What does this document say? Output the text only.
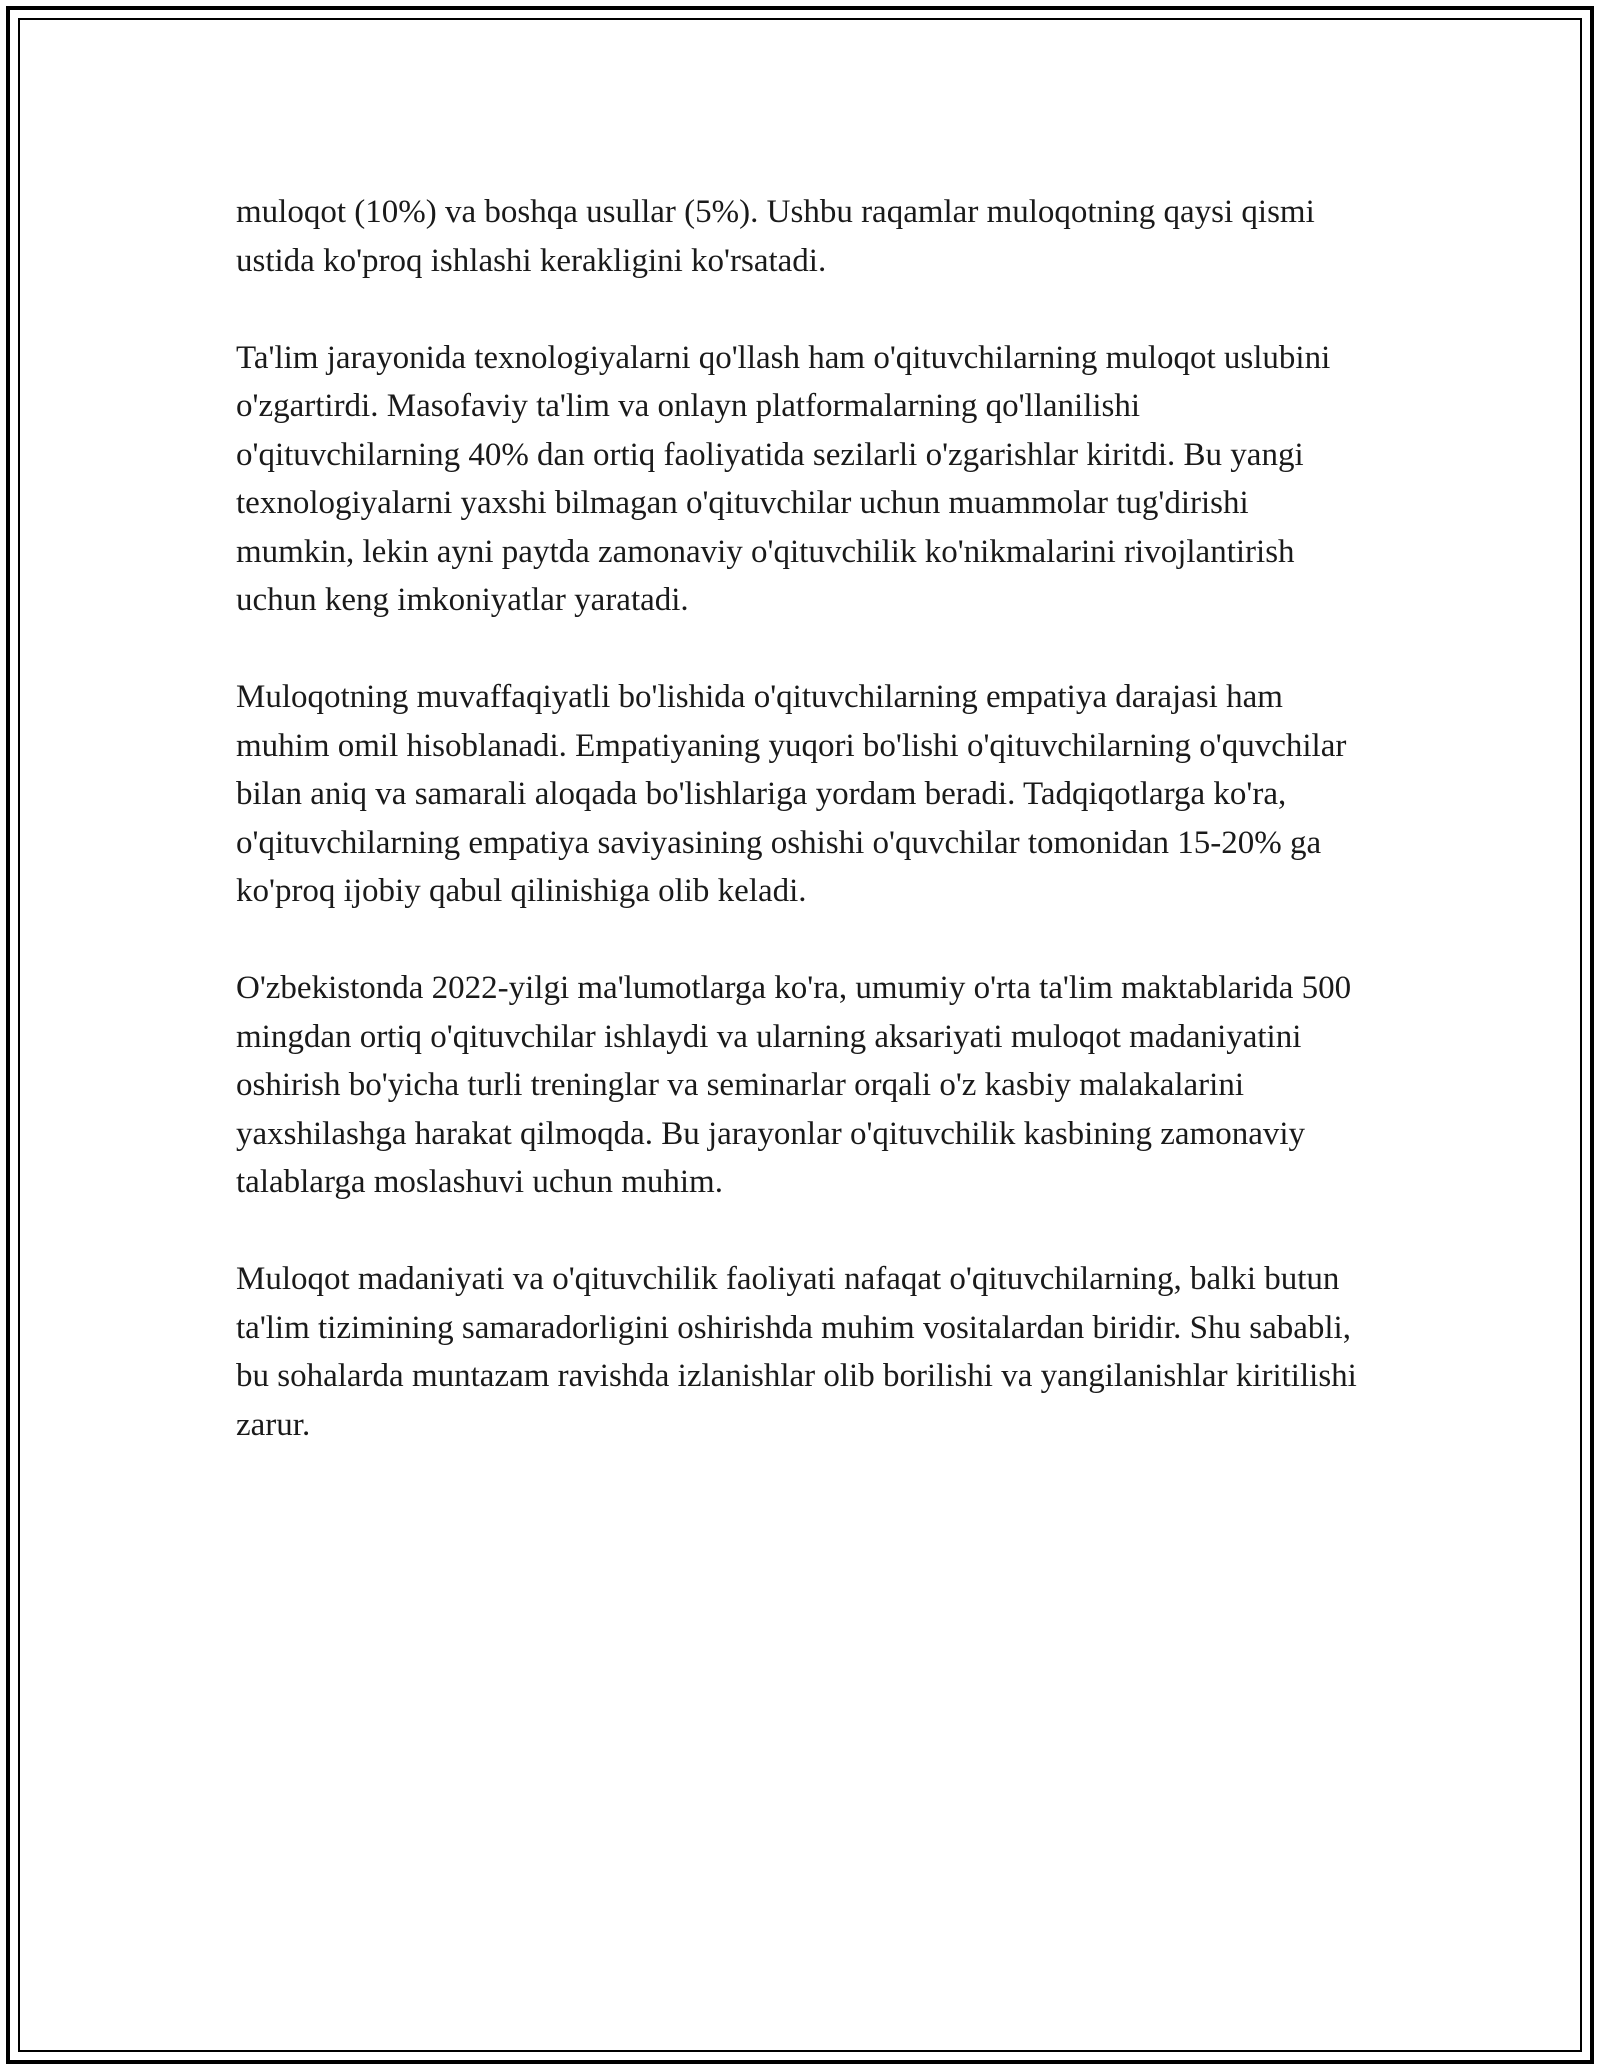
muloqot (10%) va boshqa usullar (5%). Ushbu raqamlar muloqotning qaysi qismi ustida ko'proq ishlashi kerakligini ko'rsatadi.

Ta'lim jarayonida texnologiyalarni qo'llash ham o'qituvchilarning muloqot uslubini o'zgartirdi. Masofaviy ta'lim va onlayn platformalarning qo'llanilishi o'qituvchilarning 40% dan ortiq faoliyatida sezilarli o'zgarishlar kiritdi. Bu yangi texnologiyalarni yaxshi bilmagan o'qituvchilar uchun muammolar tug'dirishi mumkin, lekin ayni paytda zamonaviy o'qituvchilik ko'nikmalarini rivojlantirish uchun keng imkoniyatlar yaratadi.

Muloqotning muvaffaqiyatli bo'lishida o'qituvchilarning empatiya darajasi ham muhim omil hisoblanadi. Empatiyaning yuqori bo'lishi o'qituvchilarning o'quvchilar bilan aniq va samarali aloqada bo'lishlariga yordam beradi. Tadqiqotlarga ko'ra, o'qituvchilarning empatiya saviyasining oshishi o'quvchilar tomonidan 15-20% ga ko'proq ijobiy qabul qilinishiga olib keladi.

O'zbekistonda 2022-yilgi ma'lumotlarga ko'ra, umumiy o'rta ta'lim maktablarida 500 mingdan ortiq o'qituvchilar ishlaydi va ularning aksariyati muloqot madaniyatini oshirish bo'yicha turli treninglar va seminarlar orqali o'z kasbiy malakalarini yaxshilashga harakat qilmoqda. Bu jarayonlar o'qituvchilik kasbining zamonaviy talablarga moslashuvi uchun muhim.

Muloqot madaniyati va o'qituvchilik faoliyati nafaqat o'qituvchilarning, balki butun ta'lim tizimining samaradorligini oshirishda muhim vositalardan biridir. Shu sababli, bu sohalarda muntazam ravishda izlanishlar olib borilishi va yangilanishlar kiritilishi zarur.
